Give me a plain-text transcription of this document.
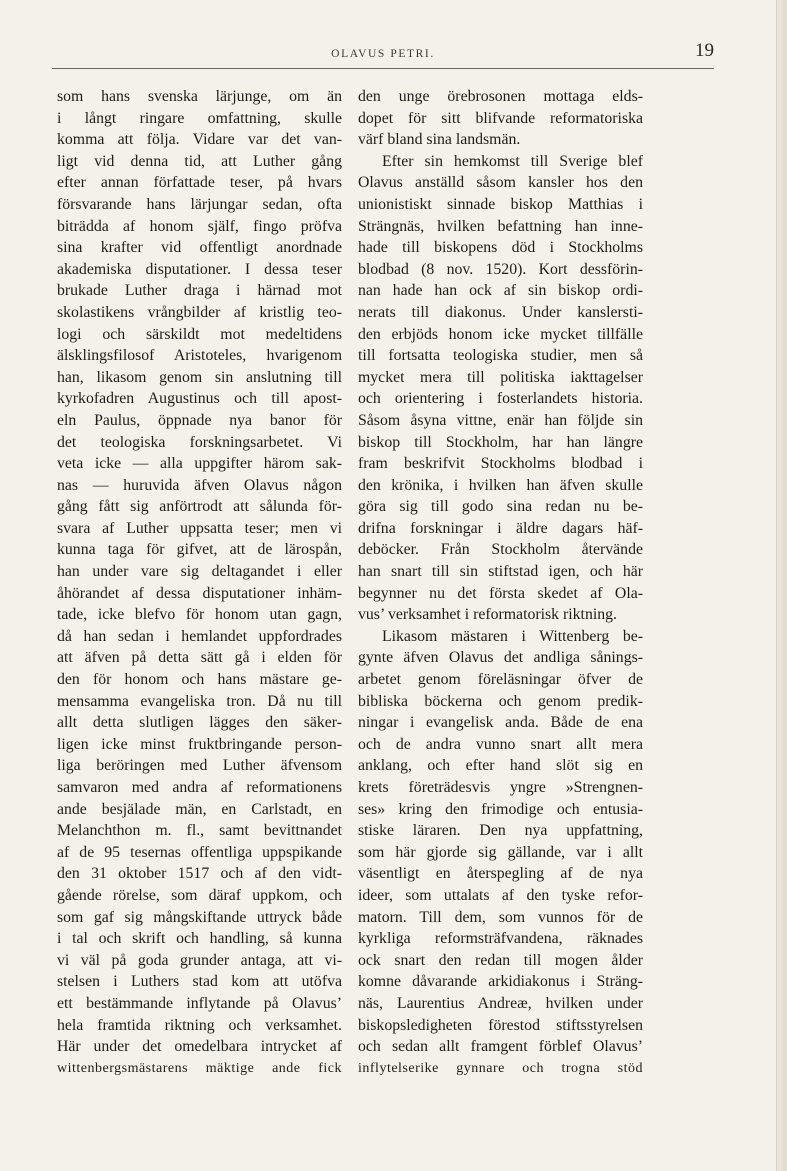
OLAVUS PETRI.	19
som hans svenska lärjunge, om än
i långt ringare omfattning, skulle
komma att följa. Vidare var det van-
ligt vid denna tid, att Luther gång
efter annan författade teser, på hvars
försvarande hans lärjungar sedan, ofta
biträdda af honom själf, fingo pröfva
sina krafter vid offentligt anordnade
akademiska disputationer. I dessa teser
brukade Luther draga i härnad mot
skolastikens vrångbilder af kristlig teo-
logi och särskildt mot medeltidens
älsklingsfilosof Aristoteles, hvarigenom
han, likasom genom sin anslutning till
kyrkofadren Augustinus och till apost-
eln Paulus, öppnade nya banor för
det teologiska forskningsarbetet. Vi
veta icke — alla uppgifter härom sak-
nas — huruvida äfven Olavus någon
gång fått sig anförtrodt att sålunda för-
svara af Luther uppsatta teser; men vi
kunna taga för gifvet, att de lärospån,
han under vare sig deltagandet i eller
åhörandet af dessa disputationer inhäm-
tade, icke blefvo för honom utan gagn,
då han sedan i hemlandet uppfordrades
att äfven på detta sätt gå i elden för
den för honom och hans mästare ge-
mensamma evangeliska tron. Då nu till
allt detta slutligen lägges den säker-
ligen icke minst fruktbringande person-
liga beröringen med Luther äfvensom
samvaron med andra af reformationens
ande besjälade män, en Carlstadt, en
Melanchthon m. fl., samt bevittnandet
af de 95 tesernas offentliga uppspikande
den 31 oktober 1517 och af den vidt-
gående rörelse, som däraf uppkom, och
som gaf sig mångskiftande uttryck både
i tal och skrift och handling, så kunna
vi väl på goda grunder antaga, att vi-
stelsen i Luthers stad kom att utöfva
ett bestämmande inflytande på Olavus’
hela framtida riktning och verksamhet.
Här under det omedelbara intrycket af
wittenbergsmästarens mäktige ande fick
den unge örebrosonen mottaga elds-
dopet för sitt blifvande reformatoriska
värf bland sina landsmän.
Efter sin hemkomst till Sverige blef
Olavus anställd såsom kansler hos den
unionistiskt sinnade biskop Matthias i
Strängnäs, hvilken befattning han inne-
hade till biskopens död i Stockholms
blodbad (8 nov. 1520). Kort dessförin-
nan hade han ock af sin biskop ordi-
nerats till diakonus. Under kanslersti-
den erbjöds honom icke mycket tillfälle
till fortsatta teologiska studier, men så
mycket mera till politiska iakttagelser
och orientering i fosterlandets historia.
Såsom åsyna vittne, enär han följde sin
biskop till Stockholm, har han längre
fram beskrifvit Stockholms blodbad i
den krönika, i hvilken han äfven skulle
göra sig till godo sina redan nu be-
drifna forskningar i äldre dagars häf-
deböcker. Från Stockholm återvände
han snart till sin stiftstad igen, och här
begynner nu det första skedet af Ola-
vus’ verksamhet i reformatorisk riktning.
Likasom mästaren i Wittenberg be-
gynte äfven Olavus det andliga sånings-
arbetet genom föreläsningar öfver de
bibliska böckerna och genom predik-
ningar i evangelisk anda. Både de ena
och de andra vunno snart allt mera
anklang, och efter hand slöt sig en
krets företrädesvis yngre »Strengnen-
ses» kring den frimodige och entusia-
stiske läraren. Den nya uppfattning,
som här gjorde sig gällande, var i allt
väsentligt en återspegling af de nya
ideer, som uttalats af den tyske refor-
matorn. Till dem, som vunnos för de
kyrkliga reformsträfvandena, räknades
ock snart den redan till mogen ålder
komne dåvarande arkidiakonus i Sträng-
näs, Laurentius Andreæ, hvilken under
biskopsledigheten förestod stiftsstyrelsen
och sedan allt framgent förblef Olavus’
inflytelserike gynnare och trogna stöd
